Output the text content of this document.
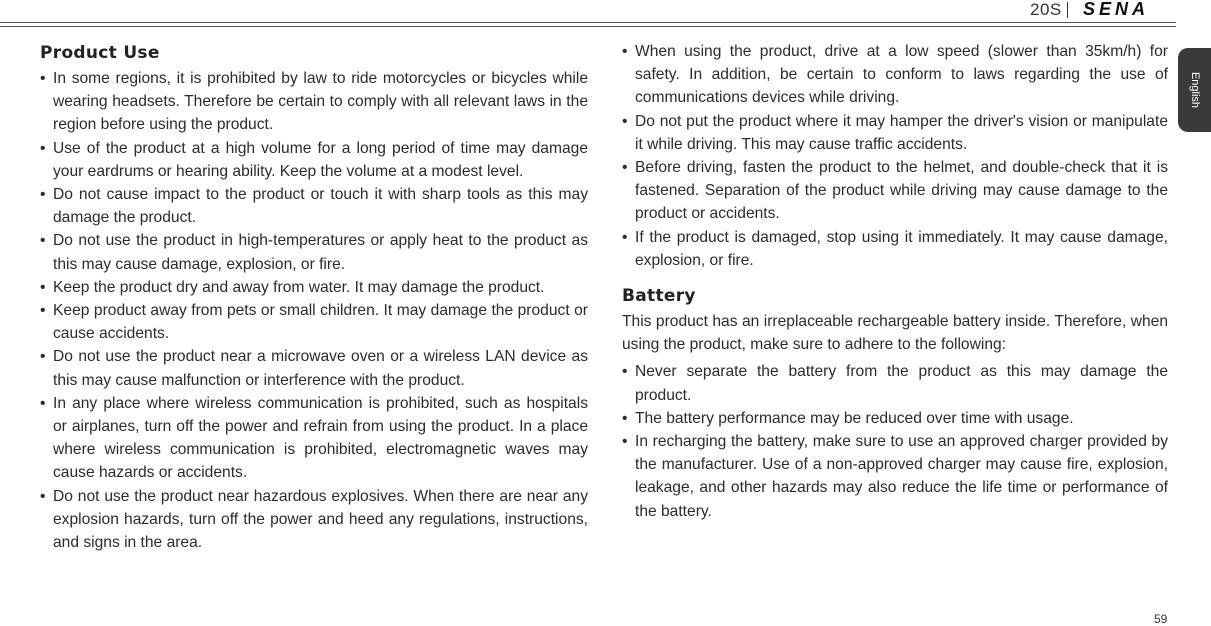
20S SENA
English
Product Use
• In some regions, it is prohibited by law to ride motorcycles or bicycles while wearing headsets. Therefore be certain to comply with all relevant laws in the region before using the product.
• Use of the product at a high volume for a long period of time may damage your eardrums or hearing ability. Keep the volume at a modest level.
• Do not cause impact to the product or touch it with sharp tools as this may damage the product.
• Do not use the product in high-temperatures or apply heat to the product as this may cause damage, explosion, or fire.
• Keep the product dry and away from water. It may damage the product.
• Keep product away from pets or small children. It may damage the product or cause accidents.
• Do not use the product near a microwave oven or a wireless LAN device as this may cause malfunction or interference with the product.
• In any place where wireless communication is prohibited, such as hospitals or airplanes, turn off the power and refrain from using the product. In a place where wireless communication is prohibited, electromagnetic waves may cause hazards or accidents.
• Do not use the product near hazardous explosives. When there are near any explosion hazards, turn off the power and heed any regulations, instructions, and signs in the area.
• When using the product, drive at a low speed (slower than 35km/h) for safety. In addition, be certain to conform to laws regarding the use of communications devices while driving.
• Do not put the product where it may hamper the driver's vision or manipulate it while driving. This may cause traffic accidents.
• Before driving, fasten the product to the helmet, and double-check that it is fastened. Separation of the product while driving may cause damage to the product or accidents.
• If the product is damaged, stop using it immediately. It may cause damage, explosion, or fire.
Battery

This product has an irreplaceable rechargeable battery inside. Therefore, when using the product, make sure to adhere to the following:

• Never separate the battery from the product as this may damage the product.
• The battery performance may be reduced over time with usage.
• In recharging the battery, make sure to use an approved charger provided by the manufacturer. Use of a non-approved charger may cause fire, explosion, leakage, and other hazards may also reduce the life time or performance of the battery.
59
